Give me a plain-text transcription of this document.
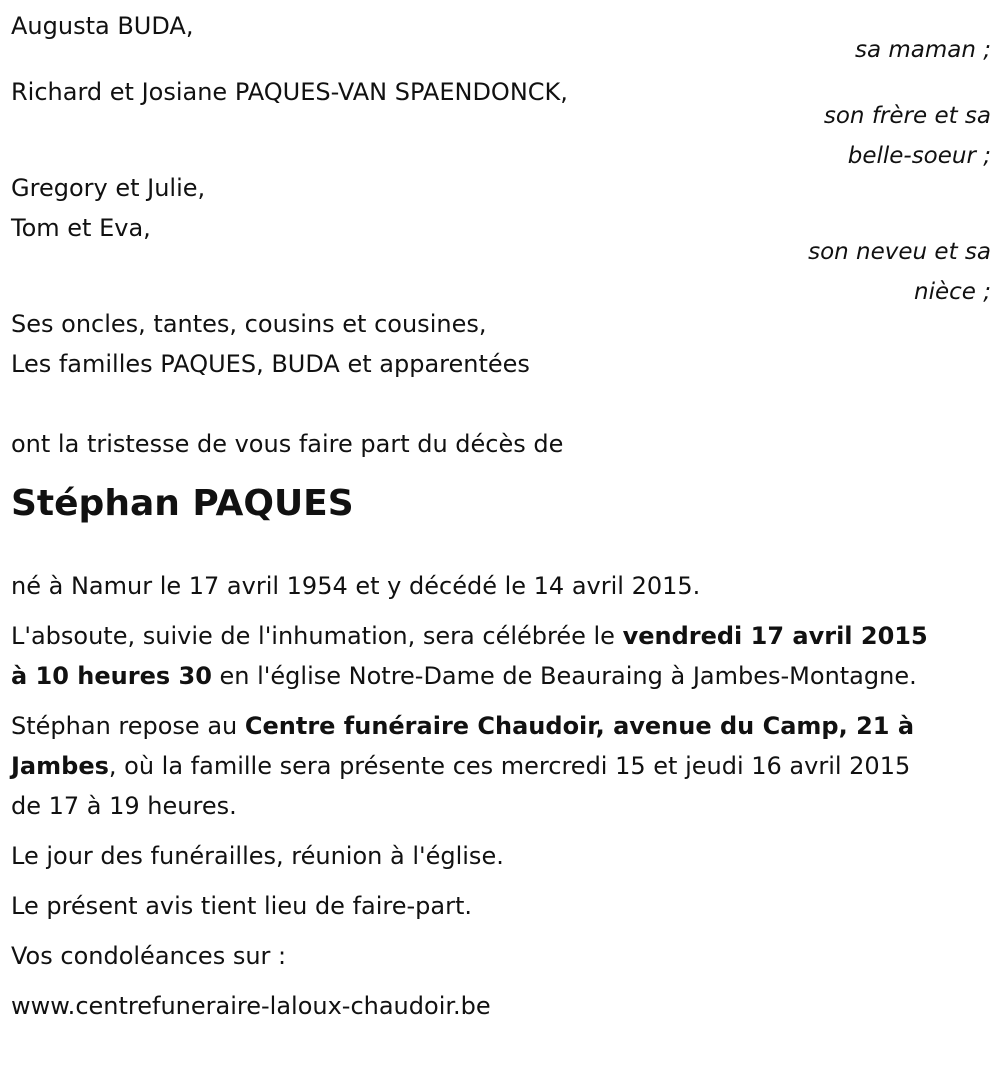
Augusta BUDA,
sa maman ;
Richard et Josiane PAQUES-VAN SPAENDONCK,
son frère et sa
belle-soeur ;
Gregory et Julie,
Tom et Eva,
son neveu et sa
nièce ;
Ses oncles, tantes, cousins et cousines,
Les familles PAQUES, BUDA et apparentées
ont la tristesse de vous faire part du décès de
Stéphan PAQUES
né à Namur le 17 avril 1954 et y décédé le 14 avril 2015.
L'absoute, suivie de l'inhumation, sera célébrée le vendredi 17 avril 2015
à 10 heures 30 en l'église Notre-Dame de Beauraing à Jambes-Montagne.
Stéphan repose au Centre funéraire Chaudoir, avenue du Camp, 21 à
Jambes, où la famille sera présente ces mercredi 15 et jeudi 16 avril 2015
de 17 à 19 heures.
Le jour des funérailles, réunion à l'église.
Le présent avis tient lieu de faire-part.
Vos condoléances sur :
www.centrefuneraire-laloux-chaudoir.be
